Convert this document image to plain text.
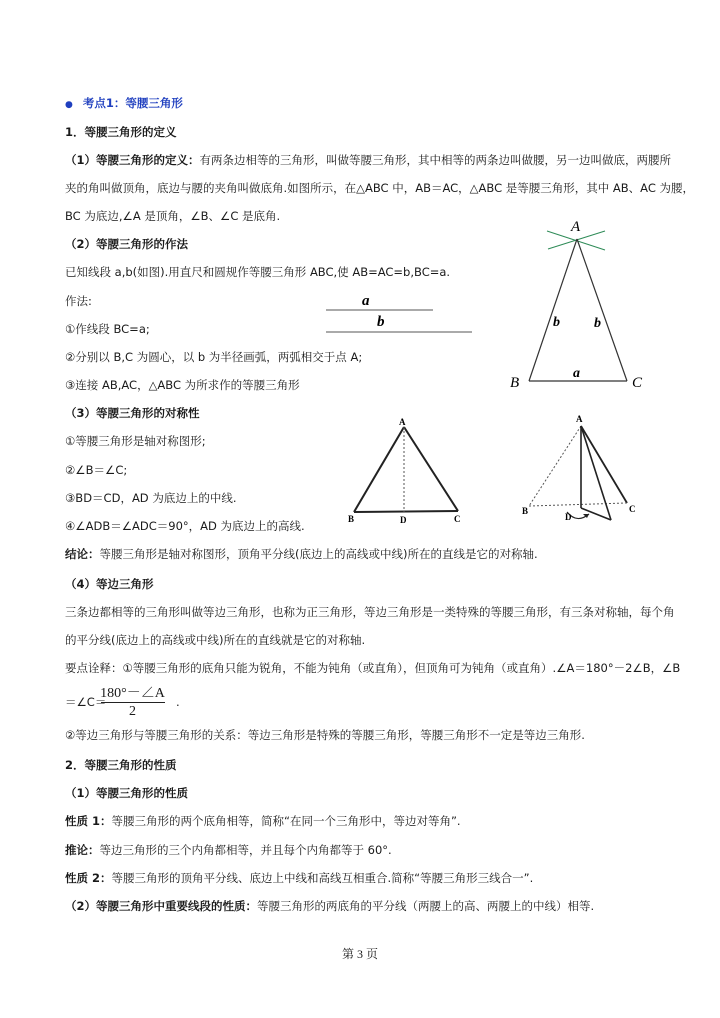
● 考点1：等腰三角形
1．等腰三角形的定义
（1）等腰三角形的定义：有两条边相等的三角形，叫做等腰三角形，其中相等的两条边叫做腰，另一边叫做底，两腰所
夹的角叫做顶角，底边与腰的夹角叫做底角.如图所示，在△ABC 中，AB＝AC，△ABC 是等腰三角形，其中 AB、AC 为腰，
BC 为底边,∠A 是顶角，∠B、∠C 是底角.
（2）等腰三角形的作法
已知线段 a,b(如图).用直尺和圆规作等腰三角形 ABC,使 AB=AC=b,BC=a.
作法:
①作线段 BC=a;
②分别以 B,C 为圆心，以 b 为半径画弧，两弧相交于点 A;
③连接 AB,AC，△ABC 为所求作的等腰三角形
（3）等腰三角形的对称性
①等腰三角形是轴对称图形;
②∠B＝∠C;
③BD＝CD，AD 为底边上的中线.
④∠ADB＝∠ADC＝90°，AD 为底边上的高线.
结论：等腰三角形是轴对称图形，顶角平分线(底边上的高线或中线)所在的直线是它的对称轴.
（4）等边三角形
三条边都相等的三角形叫做等边三角形，也称为正三角形，等边三角形是一类特殊的等腰三角形，有三条对称轴，每个角
的平分线(底边上的高线或中线)所在的直线就是它的对称轴.
要点诠释：①等腰三角形的底角只能为锐角，不能为钝角（或直角），但顶角可为钝角（或直角）.∠A＝180°－2∠B，∠B
＝∠C＝
180°－∠A
2
.
②等边三角形与等腰三角形的关系：等边三角形是特殊的等腰三角形，等腰三角形不一定是等边三角形.
2．等腰三角形的性质
（1）等腰三角形的性质
性质 1：等腰三角形的两个底角相等，简称“在同一个三角形中，等边对等角”.
推论：等边三角形的三个内角都相等，并且每个内角都等于 60°.
性质 2：等腰三角形的顶角平分线、底边上中线和高线互相重合.简称“等腰三角形三线合一”.
（2）等腰三角形中重要线段的性质：等腰三角形的两底角的平分线（两腰上的高、两腰上的中线）相等.
a
b
A
B	C
b b
a
A
B	D	C
A
B
D
C
第 3 页
